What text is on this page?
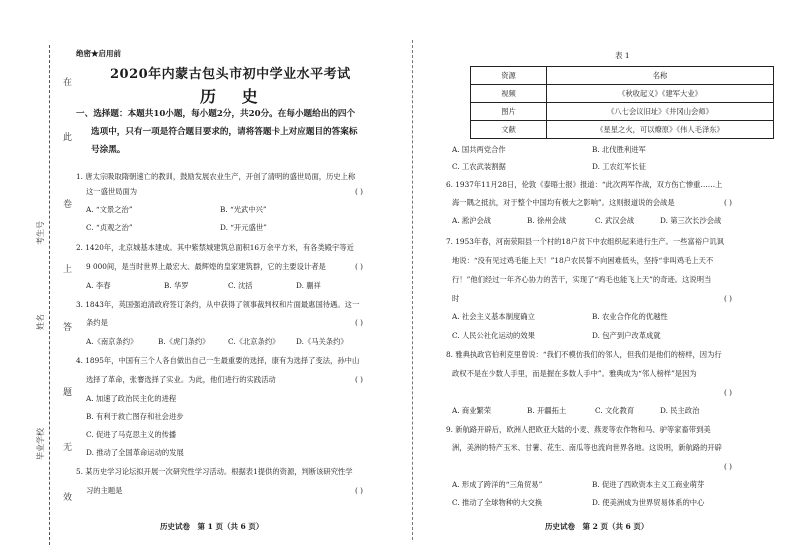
在
此
卷
上
答
题
无
效
考生号
姓名
毕业学校
绝密★启用前
2020年内蒙古包头市初中学业水平考试
历 史
一、选择题：本题共10小题，每小题2分，共20分。在每小题给出的四个
选项中，只有一项是符合题目要求的，请将答题卡上对应题目的答案标
号涂黑。
1. 唐太宗吸取隋朝速亡的教训，鼓励发展农业生产，开创了清明的盛世局面，历史上称
这一盛世局面为	( )
A. “文景之治”	B. “光武中兴”
C. “贞观之治”	D. “开元盛世”
2. 1420年，北京城基本建成。其中紫禁城建筑总面积16万余平方米，有各类殿宇等近
9 000间，是当时世界上最宏大、最辉煌的皇家建筑群，它的主要设计者是	( )
A. 李春	B. 华罗	C. 沈括	D. 蒯祥
3. 1843年，英国强迫清政府签订条约，从中获得了领事裁判权和片面最惠国待遇。这一
条约是	( )
A.《南京条约》	B.《虎门条约》	C.《北京条约》 D.《马关条约》
4. 1895年，中国有三个人各自做出自己一生最重要的选择，康有为选择了变法，孙中山
选择了革命，张謇选择了实业。为此，他们进行的实践活动	( )
A. 加速了政治民主化的进程
B. 有利于救亡图存和社会进步
C. 促进了马克思主义的传播
D. 推动了全国革命运动的发展
5. 某历史学习论坛拟开展一次研究性学习活动。根据表1提供的资源，判断该研究性学
习的主题是	( )
历史试卷　第 1 页（共 6 页）
表 1
资源	名称
视频	《秋收起义》《建军大业》
图片	《八七会议旧址》《井冈山会师》
文献	《星星之火，可以燎原》《伟人毛泽东》
A. 国共两党合作	B. 北伐胜利进军
C. 工农武装割据	D. 工农红军长征
6. 1937年11月28日，伦敦《泰晤士报》报道：“此次两军作战，双方伤亡惨重……上
海一隅之抵抗，对于整个中国均有极大之影响”。这则报道说的会战是	( )
A. 淞沪会战	B. 徐州会战	C. 武汉会战	D. 第三次长沙会战
7. 1953年春，河南荥阳县一个村的18户贫下中农组织起来进行生产。一些富裕户讥讽
地说：“没有见过鸡毛能上天！”18户农民誓不向困难低头，坚持“非叫鸡毛上天不
行！”他们经过一年齐心协力的苦干，实现了“鸡毛也能飞上天”的奇迹。这说明当
时	( )
A. 社会主义基本制度确立	B. 农业合作化的优越性
C. 人民公社化运动的效果	D. 包产到户改革成就
8. 雅典执政官伯利克里曾说：“我们不模仿我们的邻人，但我们是他们的榜样，因为行
政权不是在少数人手里，而是握在多数人手中”。雅典成为“邻人榜样”是因为
( )
A. 商业繁荣	B. 开疆拓土	C. 文化教育	D. 民主政治
9. 新航路开辟后，欧洲人把欧亚大陆的小麦、燕麦等农作物和马、驴等家畜带到美
洲，美洲的特产玉米、甘薯、花生、南瓜等也流向世界各地。这说明，新航路的开辟
( )
A. 形成了跨洋的“三角贸易”	B. 促进了西欧资本主义工商业萌芽
C. 推动了全球物种的大交换	D. 使美洲成为世界贸易体系的中心
历史试卷　第 2 页（共 6 页）
